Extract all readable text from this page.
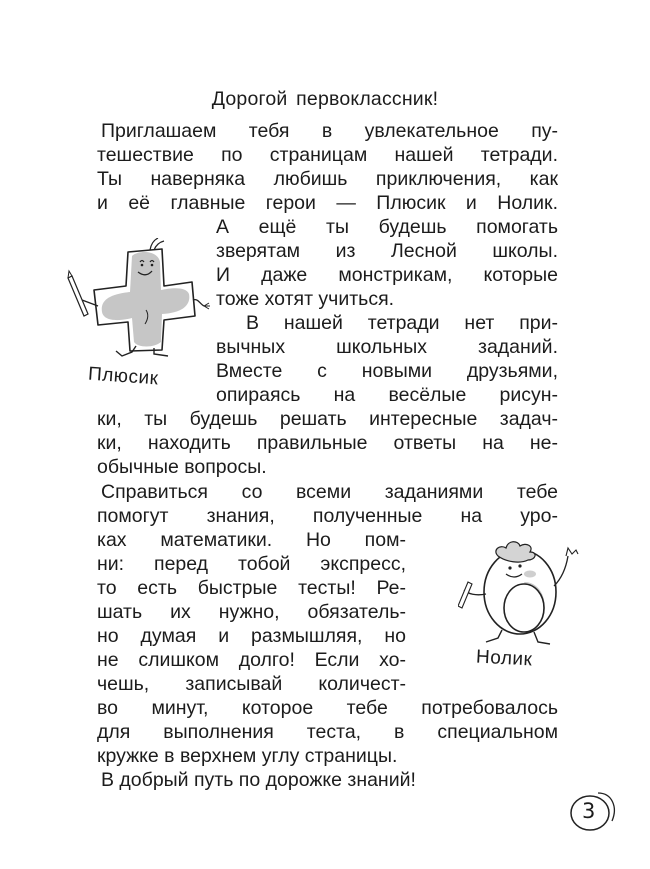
Дорогой первоклассник!
Приглашаем тебя в увлекательное пу-
тешествие по страницам нашей тетради.
Ты наверняка любишь приключения, как
и её главные герои — Плюсик и Нолик.
А ещё ты будешь помогать
зверятам из Лесной школы.
И даже монстрикам, которые
тоже хотят учиться.
В нашей тетради нет при-
вычных школьных заданий.
Вместе с новыми друзьями,
опираясь на весёлые рисун-
ки, ты будешь решать интересные задач-
ки, находить правильные ответы на не-
обычные вопросы.
Справиться со всеми заданиями тебе
помогут знания, полученные на уро-
ках математики. Но пом-
ни: перед тобой экспресс,
то есть быстрые тесты! Ре-
шать их нужно, обязатель-
но думая и размышляя, но
не слишком долго! Если хо-
чешь, записывай количест-
во минут, которое тебе потребовалось
для выполнения теста, в специальном
кружке в верхнем углу страницы.
В добрый путь по дорожке знаний!
Плюсик
Нолик
3
